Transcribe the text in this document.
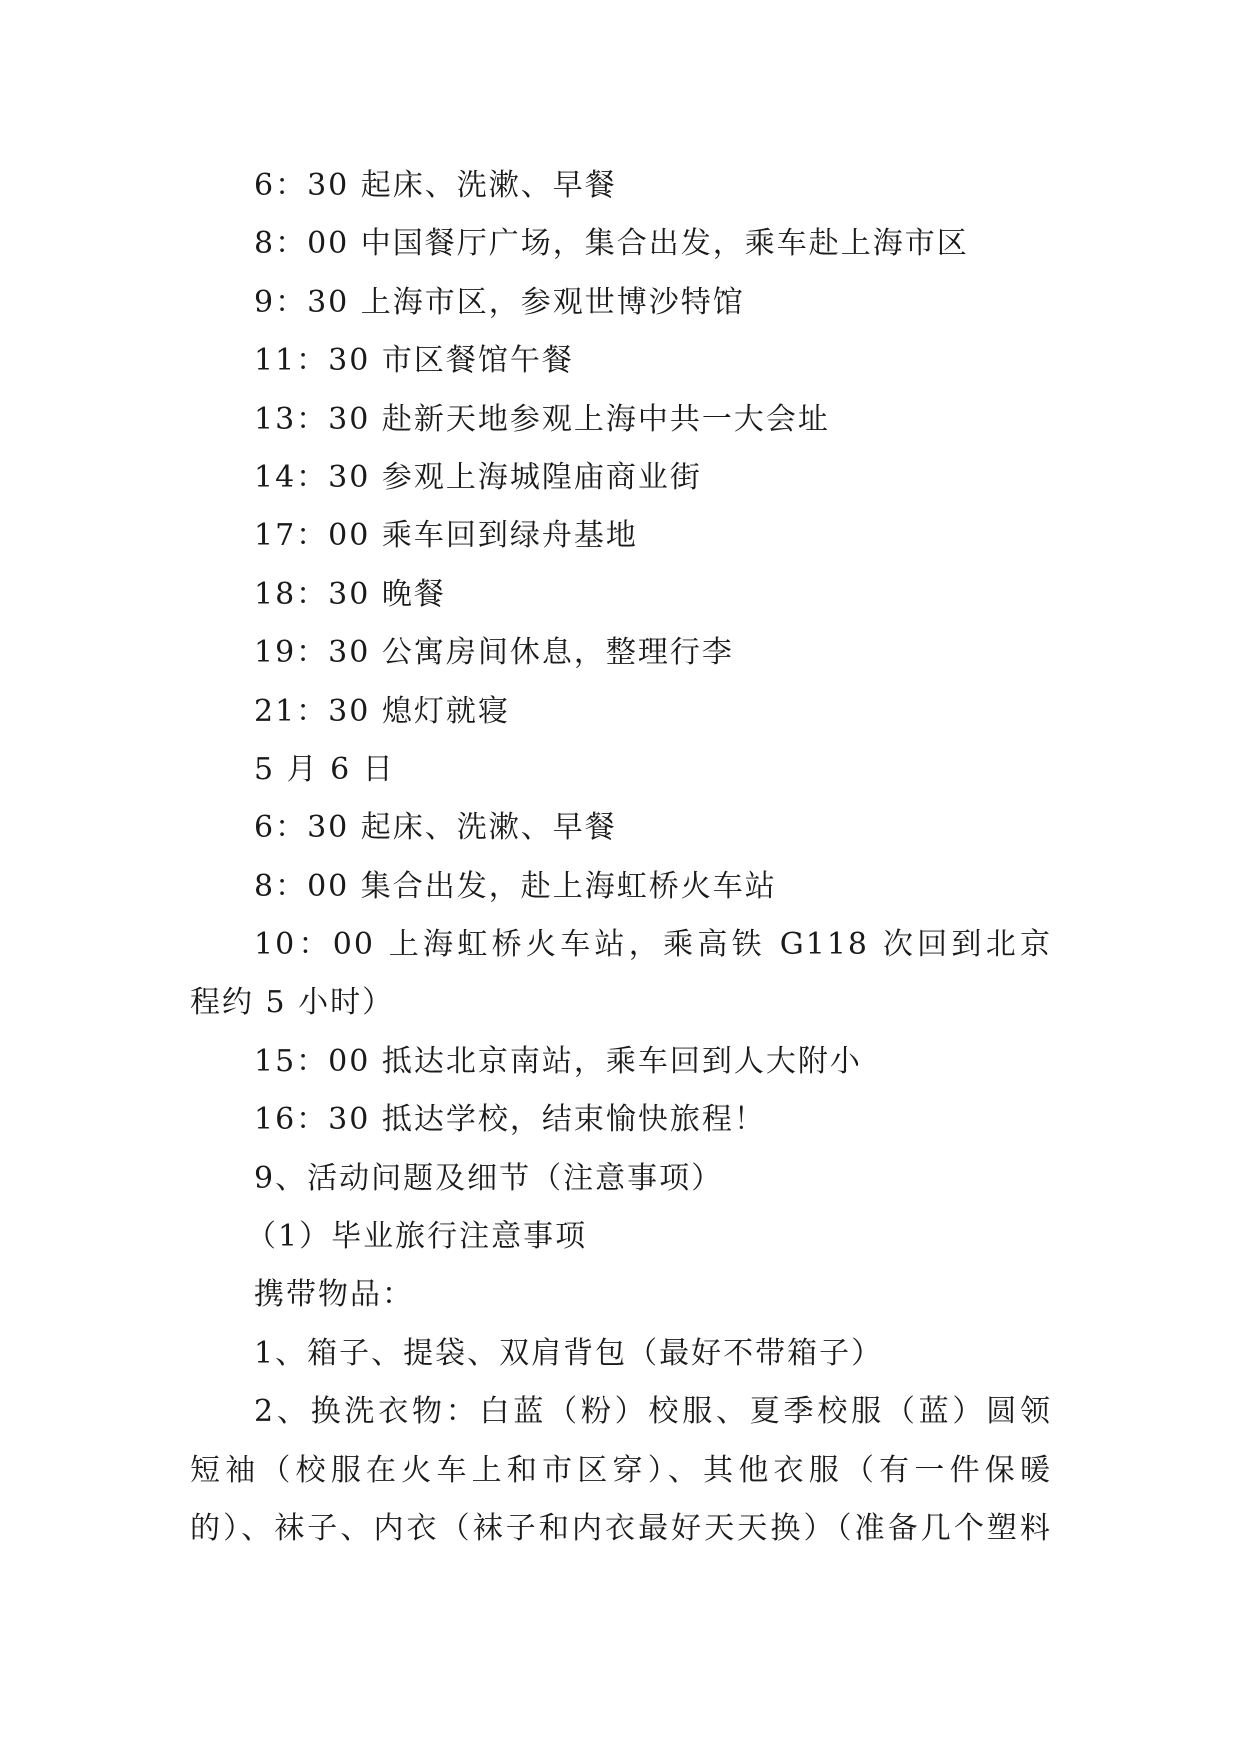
6：30 起床、洗漱、早餐
8：00 中国餐厅广场，集合出发，乘车赴上海市区
9：30 上海市区，参观世博沙特馆
11：30 市区餐馆午餐
13：30 赴新天地参观上海中共一大会址
14：30 参观上海城隍庙商业街
17：00 乘车回到绿舟基地
18：30 晚餐
19：30 公寓房间休息，整理行李
21：30 熄灯就寝
5 月 6 日
6：30 起床、洗漱、早餐
8：00 集合出发，赴上海虹桥火车站
10：00 上海虹桥火车站，乘高铁 G118 次回到北京
程约 5 小时）
15：00 抵达北京南站，乘车回到人大附小
16：30 抵达学校，结束愉快旅程！
9、活动问题及细节（注意事项）
（1）毕业旅行注意事项
携带物品：
1、箱子、提袋、双肩背包（最好不带箱子）
2、换洗衣物：白蓝（粉）校服、夏季校服（蓝）圆领
短袖（校服在火车上和市区穿）、其他衣服（有一件保暖
的）、袜子、内衣（袜子和内衣最好天天换）（准备几个塑料
